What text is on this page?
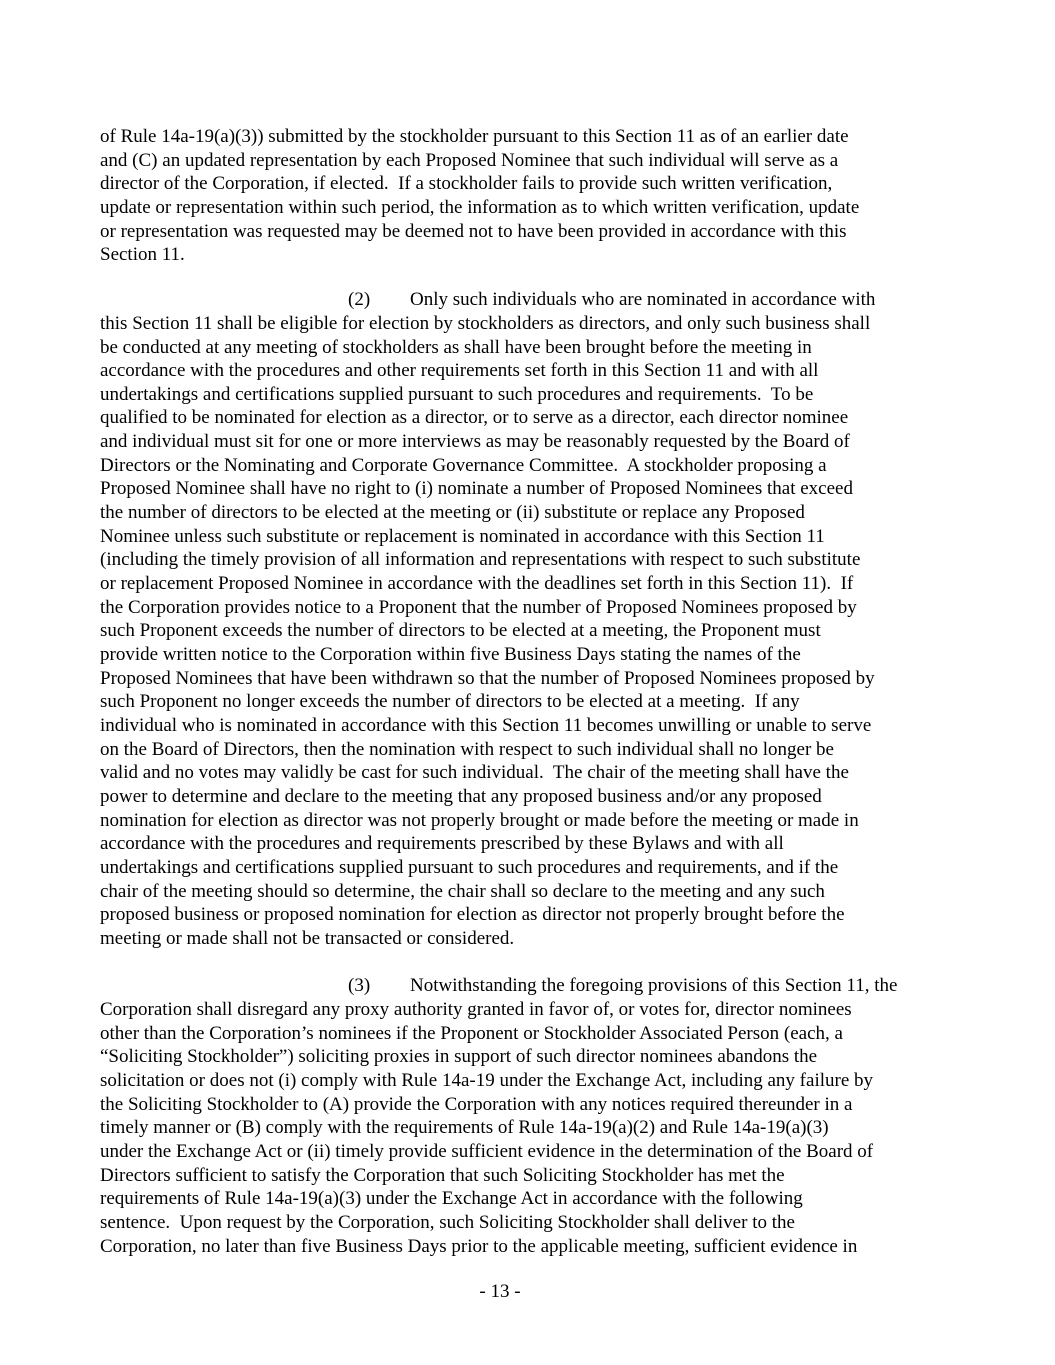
of Rule 14a-19(a)(3)) submitted by the stockholder pursuant to this Section 11 as of an earlier date
and (C) an updated representation by each Proposed Nominee that such individual will serve as a
director of the Corporation, if elected.  If a stockholder fails to provide such written verification,
update or representation within such period, the information as to which written verification, update
or representation was requested may be deemed not to have been provided in accordance with this
Section 11.
(2) Only such individuals who are nominated in accordance with
this Section 11 shall be eligible for election by stockholders as directors, and only such business shall
be conducted at any meeting of stockholders as shall have been brought before the meeting in
accordance with the procedures and other requirements set forth in this Section 11 and with all
undertakings and certifications supplied pursuant to such procedures and requirements.  To be
qualified to be nominated for election as a director, or to serve as a director, each director nominee
and individual must sit for one or more interviews as may be reasonably requested by the Board of
Directors or the Nominating and Corporate Governance Committee.  A stockholder proposing a
Proposed Nominee shall have no right to (i) nominate a number of Proposed Nominees that exceed
the number of directors to be elected at the meeting or (ii) substitute or replace any Proposed
Nominee unless such substitute or replacement is nominated in accordance with this Section 11
(including the timely provision of all information and representations with respect to such substitute
or replacement Proposed Nominee in accordance with the deadlines set forth in this Section 11).  If
the Corporation provides notice to a Proponent that the number of Proposed Nominees proposed by
such Proponent exceeds the number of directors to be elected at a meeting, the Proponent must
provide written notice to the Corporation within five Business Days stating the names of the
Proposed Nominees that have been withdrawn so that the number of Proposed Nominees proposed by
such Proponent no longer exceeds the number of directors to be elected at a meeting.  If any
individual who is nominated in accordance with this Section 11 becomes unwilling or unable to serve
on the Board of Directors, then the nomination with respect to such individual shall no longer be
valid and no votes may validly be cast for such individual.  The chair of the meeting shall have the
power to determine and declare to the meeting that any proposed business and/or any proposed
nomination for election as director was not properly brought or made before the meeting or made in
accordance with the procedures and requirements prescribed by these Bylaws and with all
undertakings and certifications supplied pursuant to such procedures and requirements, and if the
chair of the meeting should so determine, the chair shall so declare to the meeting and any such
proposed business or proposed nomination for election as director not properly brought before the
meeting or made shall not be transacted or considered.
(3) Notwithstanding the foregoing provisions of this Section 11, the
Corporation shall disregard any proxy authority granted in favor of, or votes for, director nominees
other than the Corporation’s nominees if the Proponent or Stockholder Associated Person (each, a
“Soliciting Stockholder”) soliciting proxies in support of such director nominees abandons the
solicitation or does not (i) comply with Rule 14a-19 under the Exchange Act, including any failure by
the Soliciting Stockholder to (A) provide the Corporation with any notices required thereunder in a
timely manner or (B) comply with the requirements of Rule 14a-19(a)(2) and Rule 14a-19(a)(3)
under the Exchange Act or (ii) timely provide sufficient evidence in the determination of the Board of
Directors sufficient to satisfy the Corporation that such Soliciting Stockholder has met the
requirements of Rule 14a-19(a)(3) under the Exchange Act in accordance with the following
sentence.  Upon request by the Corporation, such Soliciting Stockholder shall deliver to the
Corporation, no later than five Business Days prior to the applicable meeting, sufficient evidence in
- 13 -
